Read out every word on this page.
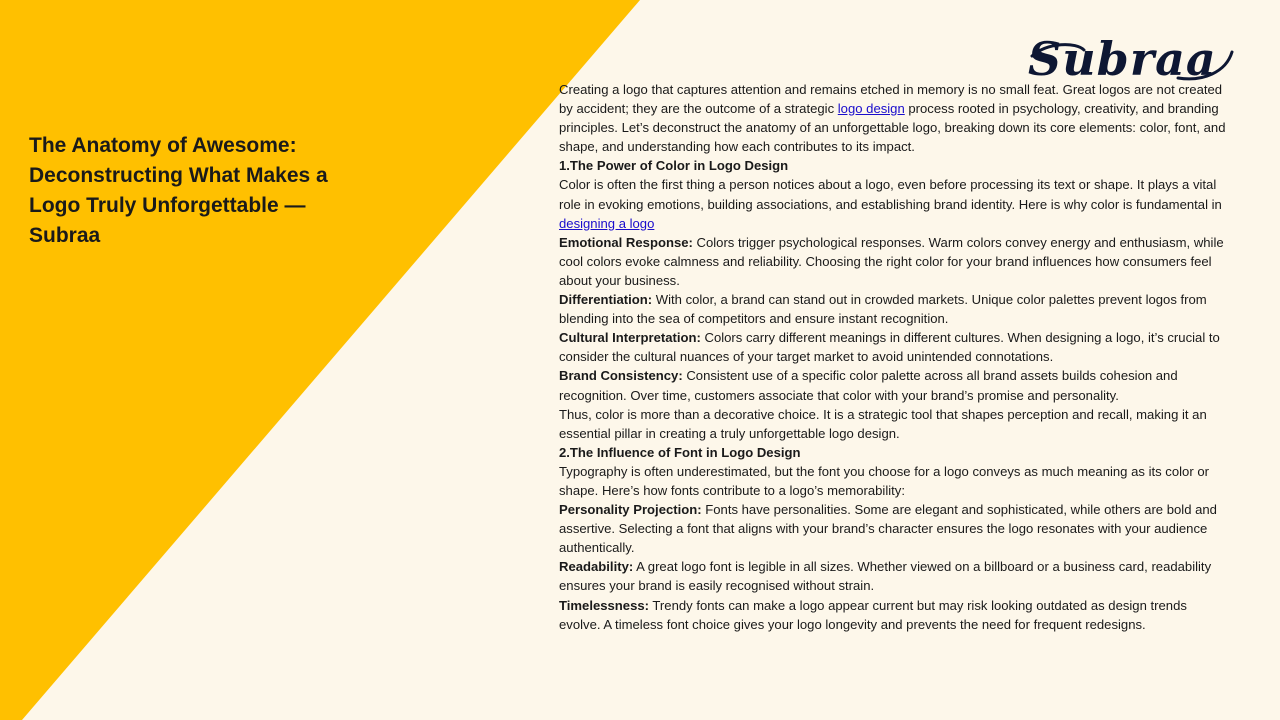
The Anatomy of Awesome: Deconstructing What Makes a Logo Truly Unforgettable — Subraa
Subraa

Creating a logo that captures attention and remains etched in memory is no small feat. Great logos are not created by accident; they are the outcome of a strategic logo design process rooted in psychology, creativity, and branding principles. Let’s deconstruct the anatomy of an unforgettable logo, breaking down its core elements: color, font, and shape, and understanding how each contributes to its impact.

1.The Power of Color in Logo Design

Color is often the first thing a person notices about a logo, even before processing its text or shape. It plays a vital role in evoking emotions, building associations, and establishing brand identity. Here is why color is fundamental in designing a logo

Emotional Response: Colors trigger psychological responses. Warm colors convey energy and enthusiasm, while cool colors evoke calmness and reliability. Choosing the right color for your brand influences how consumers feel about your business.

Differentiation: With color, a brand can stand out in crowded markets. Unique color palettes prevent logos from blending into the sea of competitors and ensure instant recognition.

Cultural Interpretation: Colors carry different meanings in different cultures. When designing a logo, it’s crucial to consider the cultural nuances of your target market to avoid unintended connotations.

Brand Consistency: Consistent use of a specific color palette across all brand assets builds cohesion and recognition. Over time, customers associate that color with your brand’s promise and personality.

Thus, color is more than a decorative choice. It is a strategic tool that shapes perception and recall, making it an essential pillar in creating a truly unforgettable logo design.

2.The Influence of Font in Logo Design

Typography is often underestimated, but the font you choose for a logo conveys as much meaning as its color or shape. Here’s how fonts contribute to a logo’s memorability:

Personality Projection: Fonts have personalities. Some are elegant and sophisticated, while others are bold and assertive. Selecting a font that aligns with your brand’s character ensures the logo resonates with your audience authentically.

Readability: A great logo font is legible in all sizes. Whether viewed on a billboard or a business card, readability ensures your brand is easily recognised without strain.

Timelessness: Trendy fonts can make a logo appear current but may risk looking outdated as design trends evolve. A timeless font choice gives your logo longevity and prevents the need for frequent redesigns.
